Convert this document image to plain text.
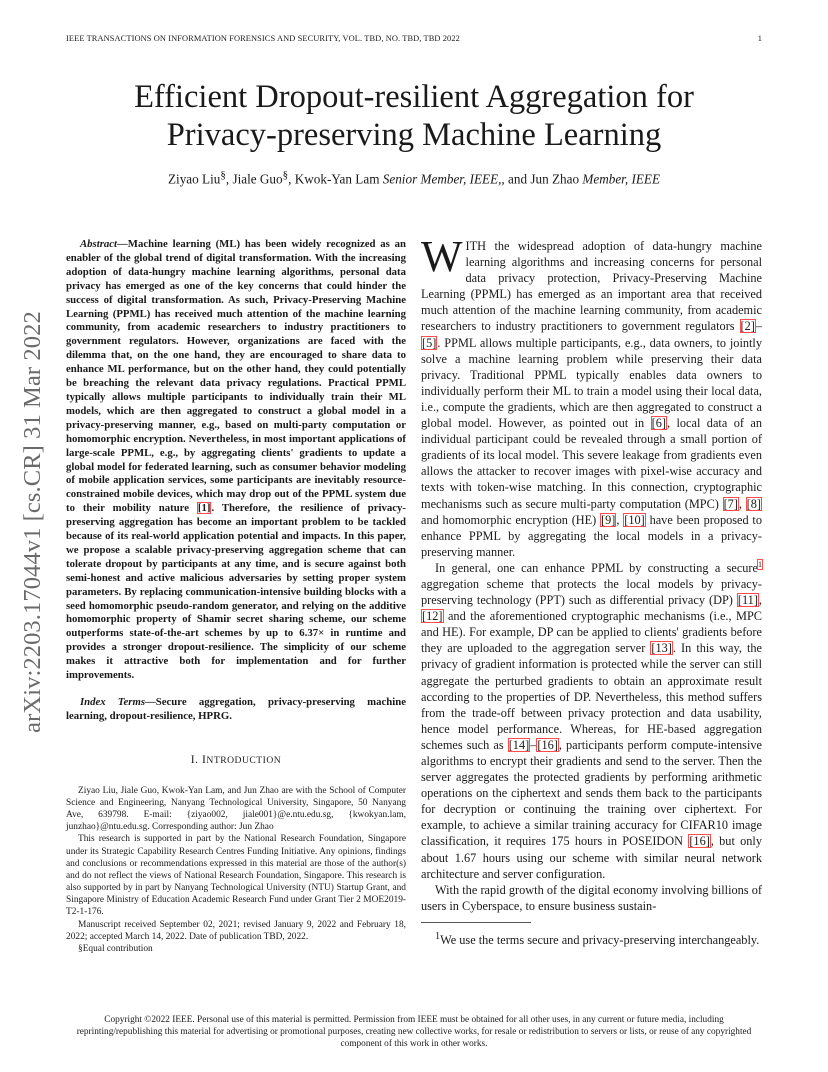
IEEE TRANSACTIONS ON INFORMATION FORENSICS AND SECURITY, VOL. TBD, NO. TBD, TBD 2022	1
arXiv:2203.17044v1 [cs.CR] 31 Mar 2022
Efficient Dropout-resilient Aggregation for
Privacy-preserving Machine Learning
Ziyao Liu§, Jiale Guo§, Kwok-Yan Lam Senior Member, IEEE,, and Jun Zhao Member, IEEE

Abstract—Machine learning (ML) has been widely recognized as an enabler of the global trend of digital transformation. With the increasing adoption of data-hungry machine learning algorithms, personal data privacy has emerged as one of the key concerns that could hinder the success of digital transformation. As such, Privacy-Preserving Machine Learning (PPML) has received much attention of the machine learning community, from academic researchers to industry practitioners to government regulators. However, organizations are faced with the dilemma that, on the one hand, they are encouraged to share data to enhance ML performance, but on the other hand, they could potentially be breaching the relevant data privacy regulations. Practical PPML typically allows multiple participants to individually train their ML models, which are then aggregated to construct a global model in a privacy-preserving manner, e.g., based on multi-party computation or homomorphic encryption. Nevertheless, in most important applications of large-scale PPML, e.g., by aggregating clients' gradients to update a global model for federated learning, such as consumer behavior modeling of mobile application services, some participants are inevitably resource-constrained mobile devices, which may drop out of the PPML system due to their mobility nature [1]. Therefore, the resilience of privacy-preserving aggregation has become an important problem to be tackled because of its real-world application potential and impacts. In this paper, we propose a scalable privacy-preserving aggregation scheme that can tolerate dropout by participants at any time, and is secure against both semi-honest and active malicious adversaries by setting proper system parameters. By replacing communication-intensive building blocks with a seed homomorphic pseudo-random generator, and relying on the additive homomorphic property of Shamir secret sharing scheme, our scheme outperforms state-of-the-art schemes by up to 6.37× in runtime and provides a stronger dropout-resilience. The simplicity of our scheme makes it attractive both for implementation and for further improvements.

Index Terms—Secure aggregation, privacy-preserving machine learning, dropout-resilience, HPRG.

I. INTRODUCTION

Ziyao Liu, Jiale Guo, Kwok-Yan Lam, and Jun Zhao are with the School of Computer Science and Engineering, Nanyang Technological University, Singapore, 50 Nanyang Ave, 639798. E-mail: {ziyao002, jiale001}@e.ntu.edu.sg, {kwokyan.lam, junzhao}@ntu.edu.sg. Corresponding author: Jun Zhao

This research is supported in part by the National Research Foundation, Singapore under its Strategic Capability Research Centres Funding Initiative. Any opinions, findings and conclusions or recommendations expressed in this material are those of the author(s) and do not reflect the views of National Research Foundation, Singapore. This research is also supported by in part by Nanyang Technological University (NTU) Startup Grant, and Singapore Ministry of Education Academic Research Fund under Grant Tier 2 MOE2019-T2-1-176.

Manuscript received September 02, 2021; revised January 9, 2022 and February 18, 2022; accepted March 14, 2022. Date of publication TBD, 2022.

§Equal contribution

WITH the widespread adoption of data-hungry machine learning algorithms and increasing concerns for personal data privacy protection, Privacy-Preserving Machine Learning (PPML) has emerged as an important area that received much attention of the machine learning community, from academic researchers to industry practitioners to government regulators [2]–[5]. PPML allows multiple participants, e.g., data owners, to jointly solve a machine learning problem while preserving their data privacy. Traditional PPML typically enables data owners to individually perform their ML to train a model using their local data, i.e., compute the gradients, which are then aggregated to construct a global model. However, as pointed out in [6], local data of an individual participant could be revealed through a small portion of gradients of its local model. This severe leakage from gradients even allows the attacker to recover images with pixel-wise accuracy and texts with token-wise matching. In this connection, cryptographic mechanisms such as secure multi-party computation (MPC) [7], [8] and homomorphic encryption (HE) [9], [10] have been proposed to enhance PPML by aggregating the local models in a privacy-preserving manner.

In general, one can enhance PPML by constructing a secure$^1$ aggregation scheme that protects the local models by privacy-preserving technology (PPT) such as differential privacy (DP) [11], [12] and the aforementioned cryptographic mechanisms (i.e., MPC and HE). For example, DP can be applied to clients' gradients before they are uploaded to the aggregation server [13]. In this way, the privacy of gradient information is protected while the server can still aggregate the perturbed gradients to obtain an approximate result according to the properties of DP. Nevertheless, this method suffers from the trade-off between privacy protection and data usability, hence model performance. Whereas, for HE-based aggregation schemes such as [14]–[16], participants perform compute-intensive algorithms to encrypt their gradients and send to the server. Then the server aggregates the protected gradients by performing arithmetic operations on the ciphertext and sends them back to the participants for decryption or continuing the training over ciphertext. For example, to achieve a similar training accuracy for CIFAR10 image classification, it requires 175 hours in POSEIDON [16], but only about 1.67 hours using our scheme with similar neural network architecture and server configuration.

With the rapid growth of the digital economy involving billions of users in Cyberspace, to ensure business sustain-

$^1$We use the terms secure and privacy-preserving interchangeably.

Copyright ©2022 IEEE. Personal use of this material is permitted. Permission from IEEE must be obtained for all other uses, in any current or future media, including reprinting/republishing this material for advertising or promotional purposes, creating new collective works, for resale or redistribution to servers or lists, or reuse of any copyrighted component of this work in other works.
